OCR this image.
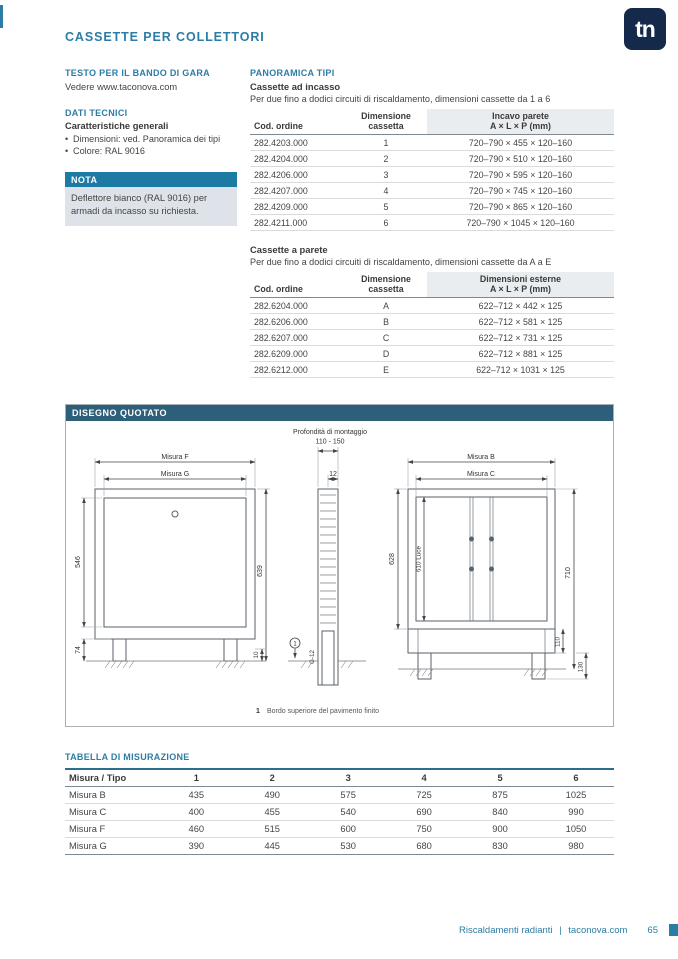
tn
CASSETTE PER COLLETTORI
TESTO PER IL BANDO DI GARA
Vedere www.taconova.com
DATI TECNICI
Caratteristiche generali
• Dimensioni: ved. Panoramica dei tipi
• Colore: RAL 9016
NOTA
Deflettore bianco (RAL 9016) per armadi da incasso su richiesta.
PANORAMICA TIPI
Cassette ad incasso
Per due fino a dodici circuiti di riscaldamento, dimensioni cassette da 1 a 6
Cod. ordine	Dimensione cassetta	Incavo parete
A × L × P (mm)

282.4203.000	1	720–790 × 455 × 120–160
282.4204.000	2	720–790 × 510 × 120–160
282.4206.000	3	720–790 × 595 × 120–160
282.4207.000	4	720–790 × 745 × 120–160
282.4209.000	5	720–790 × 865 × 120–160
282.4211.000	6	720–790 × 1045 × 120–160
Cassette a parete
Per due fino a dodici circuiti di riscaldamento, dimensioni cassette da A a E
Cod. ordine	Dimensione cassetta	Dimensioni esterne
A × L × P (mm)

282.6204.000	A	622–712 × 442 × 125
282.6206.000	B	622–712 × 581 × 125
282.6207.000	C	622–712 × 731 × 125
282.6209.000	D	622–712 × 881 × 125
282.6212.000	E	622–712 × 1031 × 125
DISEGNO QUOTATO
Misura F
Misura G
546
639
74
10
1
Profondità di montaggio
110 - 150
12
G-12
Misura B
Misura C
628	610 Luce
710
110
130
1 Bordo superiore del pavimento finito
TABELLA DI MISURAZIONE
Misura / Tipo	1	2	3	4	5	6
Misura B	435	490	575	725	875	1025
Misura C	400	455	540	690	840	990
Misura F	460	515	600	750	900	1050
Misura G	390	445	530	680	830	980
Riscaldamenti radianti | taconova.com 65
